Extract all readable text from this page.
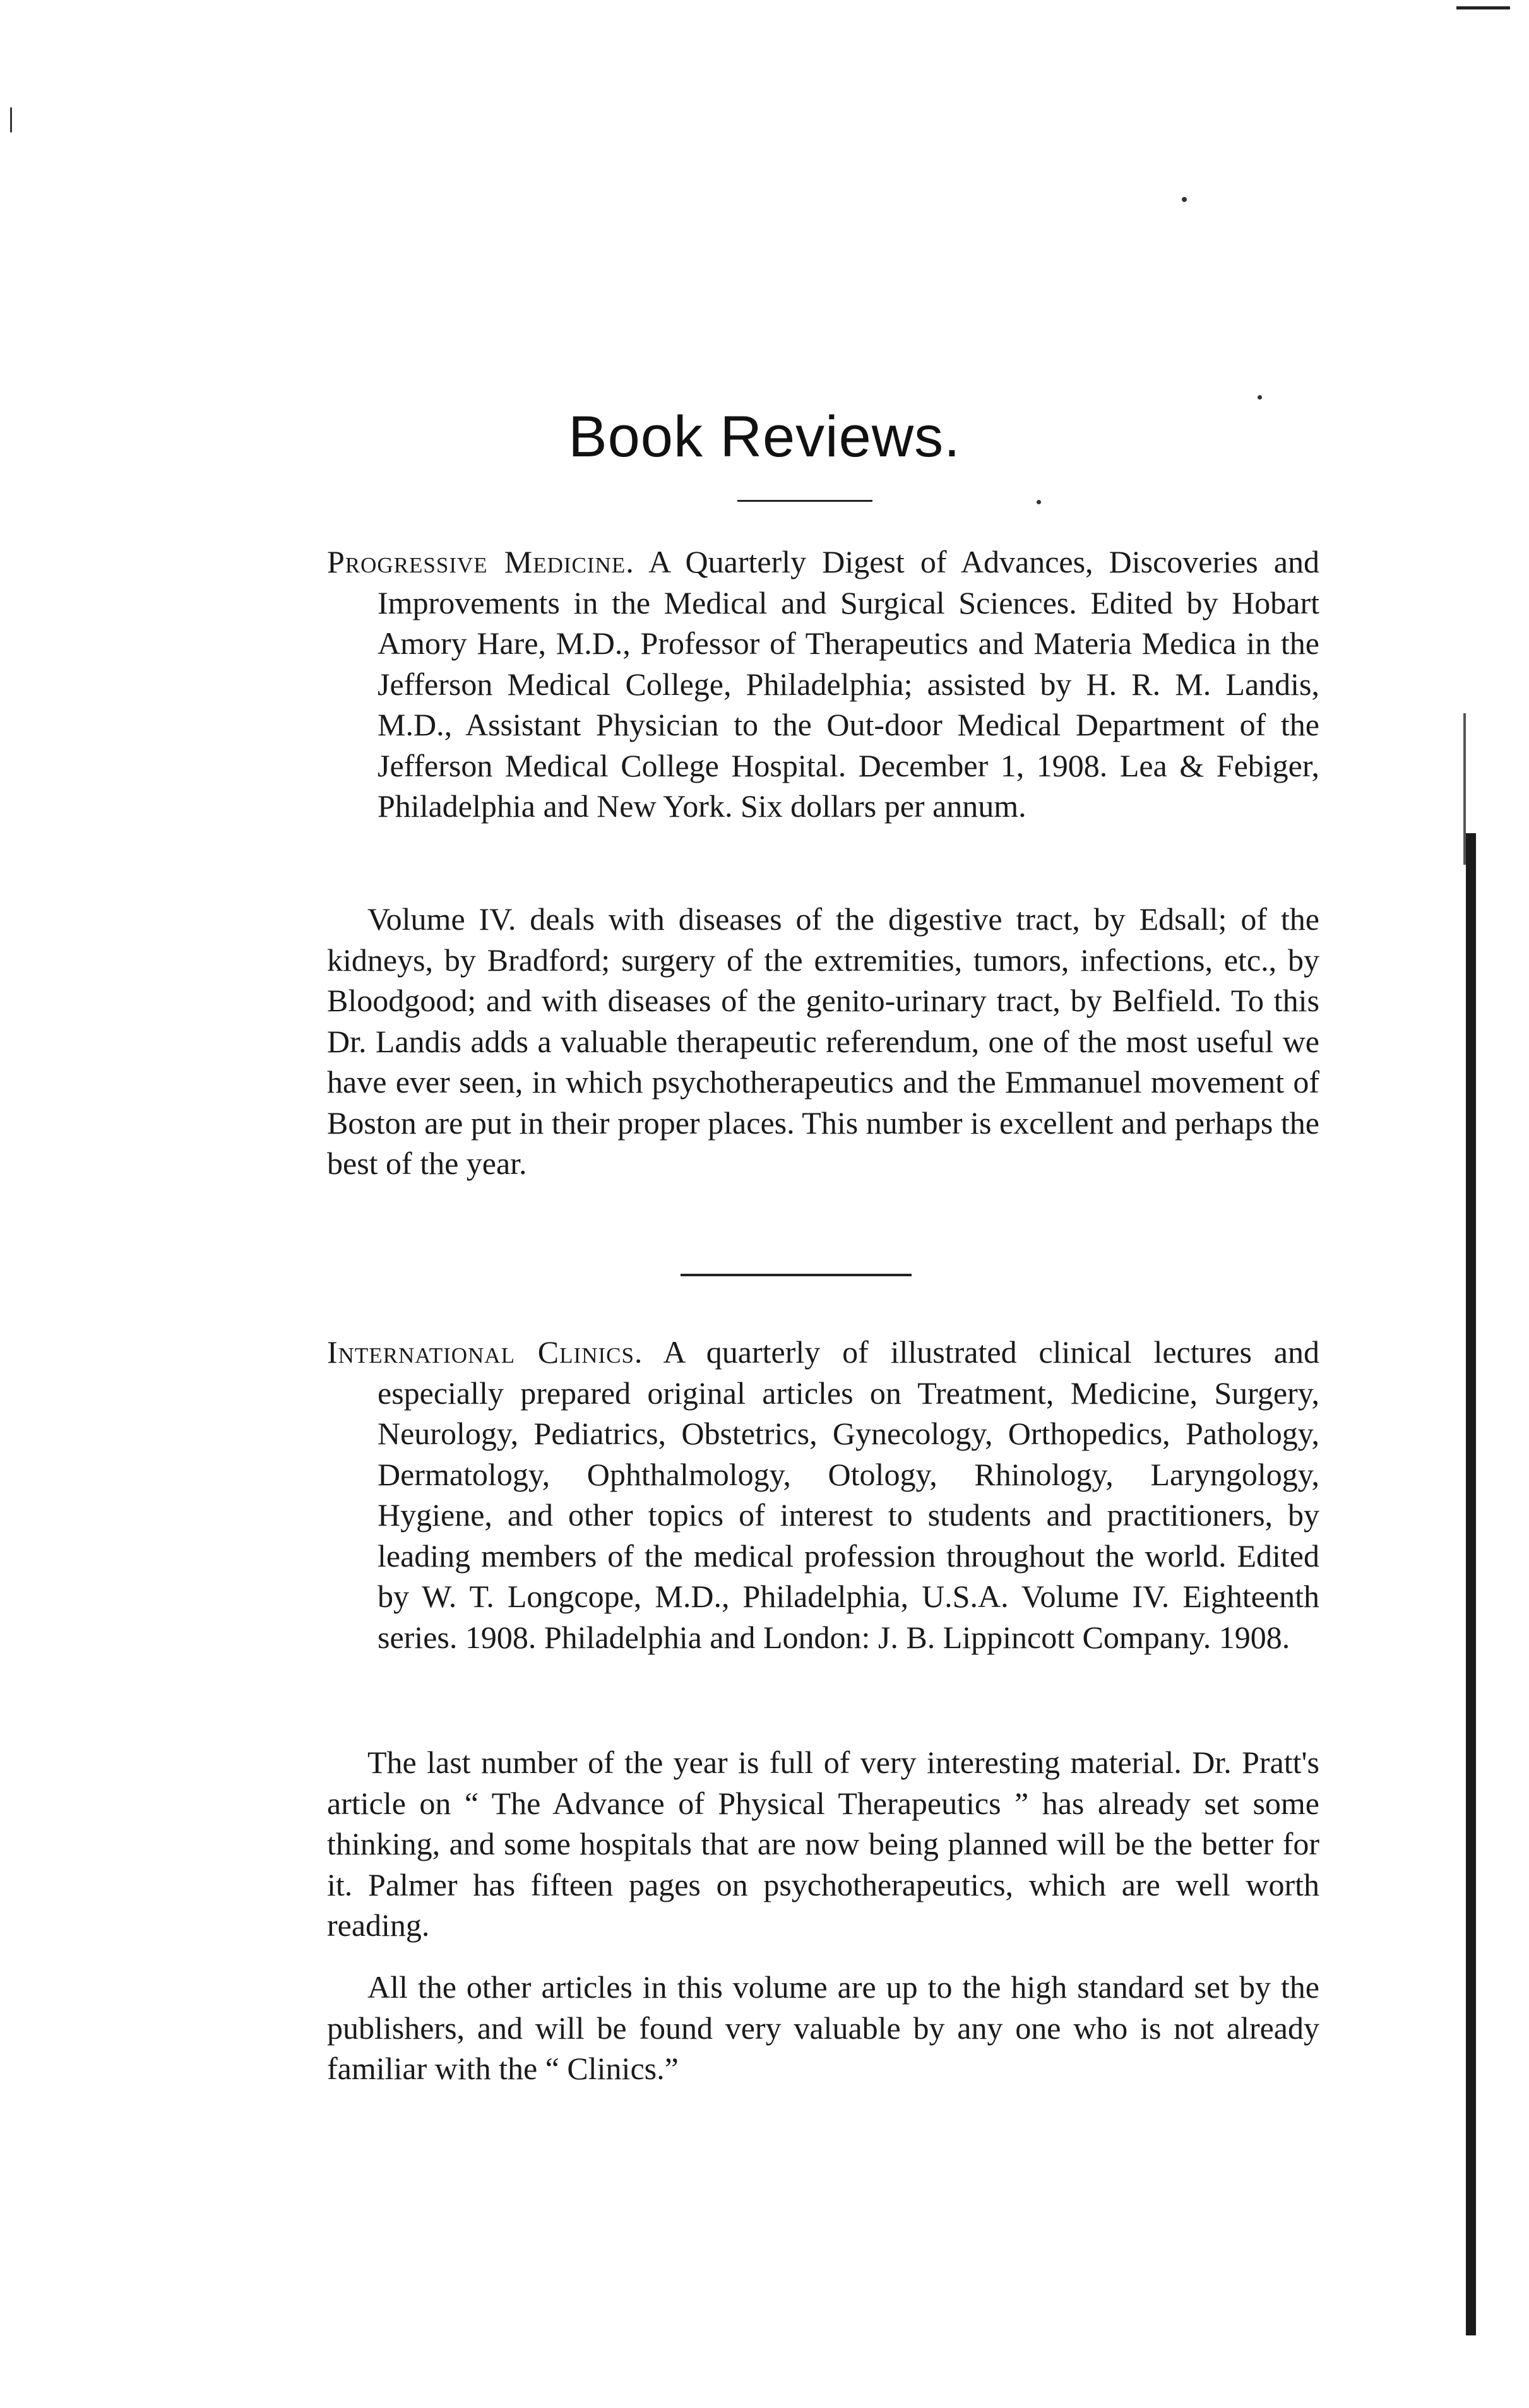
Book Reviews.
Progressive Medicine. A Quarterly Digest of Advances, Discoveries and Improvements in the Medical and Surgical Sciences. Edited by Hobart Amory Hare, M.D., Professor of Therapeutics and Materia Medica in the Jefferson Medical College, Philadelphia; assisted by H. R. M. Landis, M.D., Assistant Physician to the Out-door Medical Department of the Jefferson Medical College Hospital. December 1, 1908. Lea & Febiger, Philadelphia and New York. Six dollars per annum.

Volume IV. deals with diseases of the digestive tract, by Edsall; of the kidneys, by Bradford; surgery of the extremities, tumors, infections, etc., by Bloodgood; and with diseases of the genito-urinary tract, by Belfield. To this Dr. Landis adds a valuable therapeutic referendum, one of the most useful we have ever seen, in which psychotherapeutics and the Emmanuel movement of Boston are put in their proper places. This number is excellent and perhaps the best of the year.

International Clinics. A quarterly of illustrated clinical lectures and especially prepared original articles on Treatment, Medicine, Surgery, Neurology, Pediatrics, Obstetrics, Gynecology, Orthopedics, Pathology, Dermatology, Ophthalmology, Otology, Rhinology, Laryngology, Hygiene, and other topics of interest to students and practitioners, by leading members of the medical profession throughout the world. Edited by W. T. Longcope, M.D., Philadelphia, U.S.A. Volume IV. Eighteenth series. 1908. Philadelphia and London: J. B. Lippincott Company. 1908.

The last number of the year is full of very interesting material. Dr. Pratt's article on “ The Advance of Physical Therapeutics ” has already set some thinking, and some hospitals that are now being planned will be the better for it. Palmer has fifteen pages on psychotherapeutics, which are well worth reading.

All the other articles in this volume are up to the high standard set by the publishers, and will be found very valuable by any one who is not already familiar with the “ Clinics.”
